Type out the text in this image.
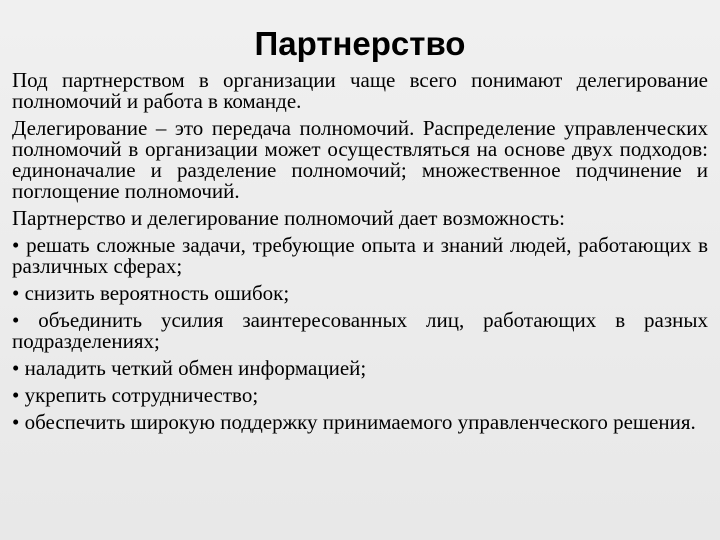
Партнерство

Под партнерством в организации чаще всего понимают делегирование полномочий и работа в команде.

Делегирование – это передача полномочий. Распределение управленческих полномочий в организации может осуществляться на основе двух подходов: единоначалие и разделение полномочий; множественное подчинение и поглощение полномочий.

Партнерство и делегирование полномочий дает возможность:

• решать сложные задачи, требующие опыта и знаний людей, работающих в различных сферах;

• снизить вероятность ошибок;

• объединить усилия заинтересованных лиц, работающих в разных подразделениях;

• наладить четкий обмен информацией;

• укрепить сотрудничество;

• обеспечить широкую поддержку принимаемого управленческого решения.
